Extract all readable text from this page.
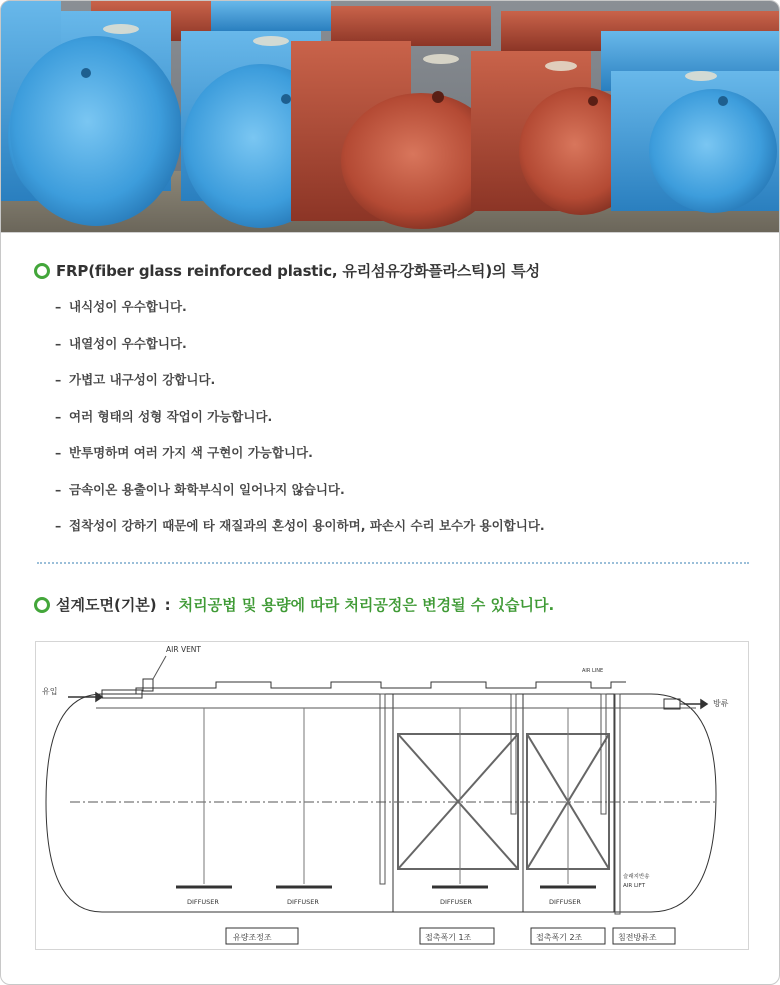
FRP(fiber glass reinforced plastic, 유리섬유강화플라스틱)의 특성
– 내식성이 우수합니다.
– 내열성이 우수합니다.
– 가볍고 내구성이 강합니다.
– 여러 형태의 성형 작업이 가능합니다.
– 반투명하며 여러 가지 색 구현이 가능합니다.
– 금속이온 용출이나 화학부식이 일어나지 않습니다.
– 접착성이 강하기 때문에 타 재질과의 혼성이 용이하며, 파손시 수리 보수가 용이합니다.
설계도면(기본) : 처리공법 및 용량에 따라 처리공정은 변경될 수 있습니다.
AIR VENT
유입
방류
AIR LINE
DIFFUSER	DIFFUSER	DIFFUSER	DIFFUSER
슬래지반송
AIR LIFT
유량조정조	접촉폭기 1조	접촉폭기 2조	침전방류조
